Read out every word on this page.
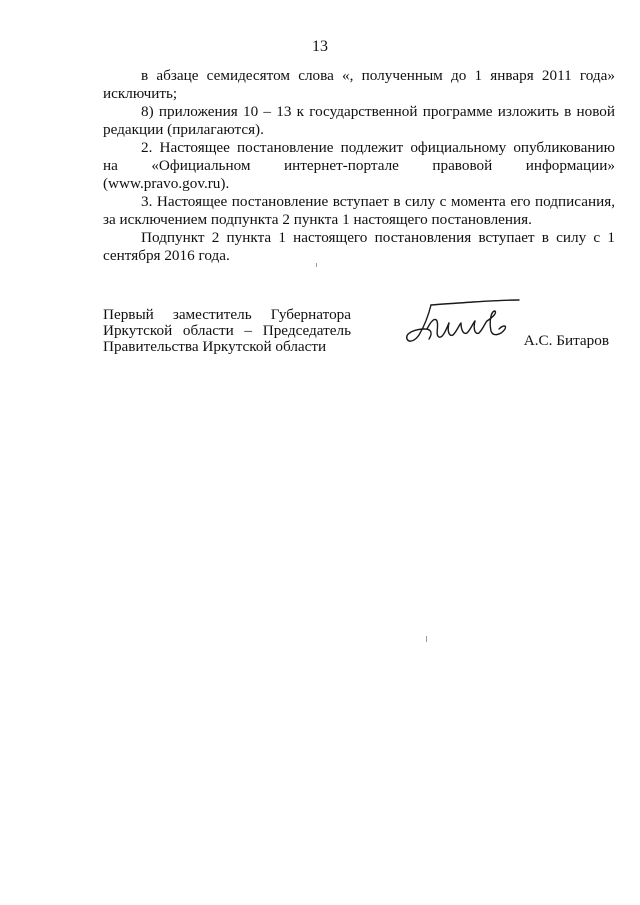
13

в абзаце семидесятом слова «, полученным до 1 января 2011 года» исключить;

8) приложения 10 – 13 к государственной программе изложить в новой редакции (прилагаются).

2. Настоящее постановление подлежит официальному опубликованию на «Официальном интернет-портале правовой информации» (www.pravo.gov.ru).

3. Настоящее постановление вступает в силу с момента его подписания, за исключением подпункта 2 пункта 1 настоящего постановления.

Подпункт 2 пункта 1 настоящего постановления вступает в силу с 1 сентября 2016 года.

Первый заместитель Губернатора
Иркутской области – Председатель
Правительства Иркутской области	А.С. Битаров
